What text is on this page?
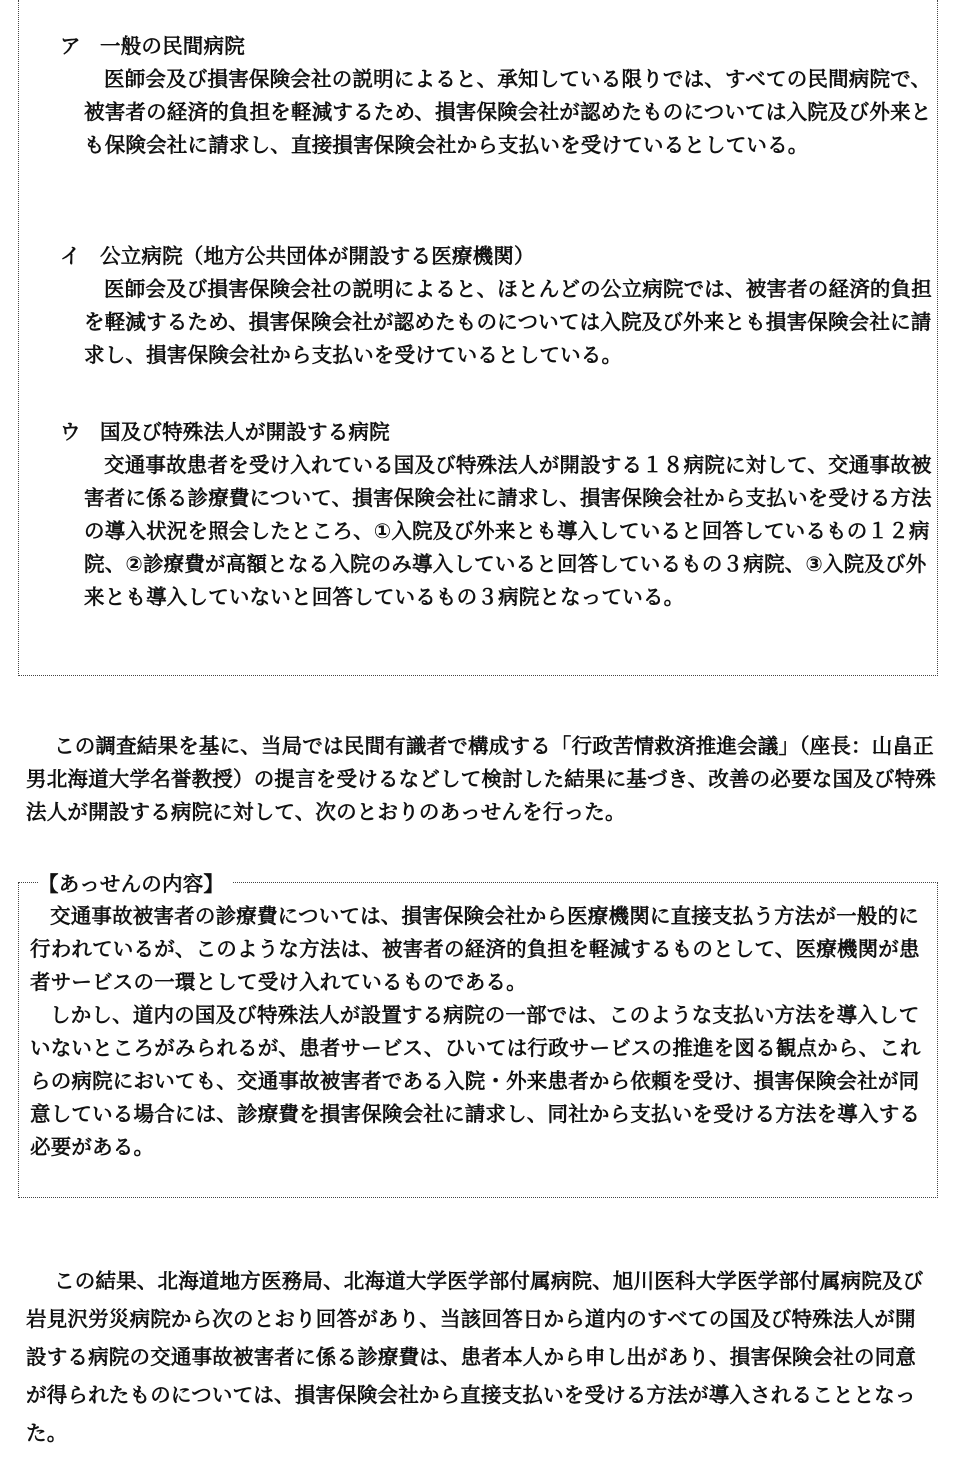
ア 一般の民間病院

医師会及び損害保険会社の説明によると、承知している限りでは、すべての民間病院で、被害者の経済的負担を軽減するため、損害保険会社が認めたものについては入院及び外来とも保険会社に請求し、直接損害保険会社から支払いを受けているとしている。

イ 公立病院（地方公共団体が開設する医療機関）

医師会及び損害保険会社の説明によると、ほとんどの公立病院では、被害者の経済的負担を軽減するため、損害保険会社が認めたものについては入院及び外来とも損害保険会社に請求し、損害保険会社から支払いを受けているとしている。

ウ 国及び特殊法人が開設する病院

交通事故患者を受け入れている国及び特殊法人が開設する１８病院に対して、交通事故被害者に係る診療費について、損害保険会社に請求し、損害保険会社から支払いを受ける方法の導入状況を照会したところ、①入院及び外来とも導入していると回答しているもの１２病院、②診療費が高額となる入院のみ導入していると回答しているもの３病院、③入院及び外来とも導入していないと回答しているもの３病院となっている。

この調査結果を基に、当局では民間有識者で構成する「行政苦情救済推進会議」（座長：山畠正男北海道大学名誉教授）の提言を受けるなどして検討した結果に基づき、改善の必要な国及び特殊法人が開設する病院に対して、次のとおりのあっせんを行った。

【あっせんの内容】

交通事故被害者の診療費については、損害保険会社から医療機関に直接支払う方法が一般的に行われているが、このような方法は、被害者の経済的負担を軽減するものとして、医療機関が患者サービスの一環として受け入れているものである。

しかし、道内の国及び特殊法人が設置する病院の一部では、このような支払い方法を導入していないところがみられるが、患者サービス、ひいては行政サービスの推進を図る観点から、これらの病院においても、交通事故被害者である入院・外来患者から依頼を受け、損害保険会社が同意している場合には、診療費を損害保険会社に請求し、同社から支払いを受ける方法を導入する必要がある。

この結果、北海道地方医務局、北海道大学医学部付属病院、旭川医科大学医学部付属病院及び岩見沢労災病院から次のとおり回答があり、当該回答日から道内のすべての国及び特殊法人が開設する病院の交通事故被害者に係る診療費は、患者本人から申し出があり、損害保険会社の同意が得られたものについては、損害保険会社から直接支払いを受ける方法が導入されることとなった。
